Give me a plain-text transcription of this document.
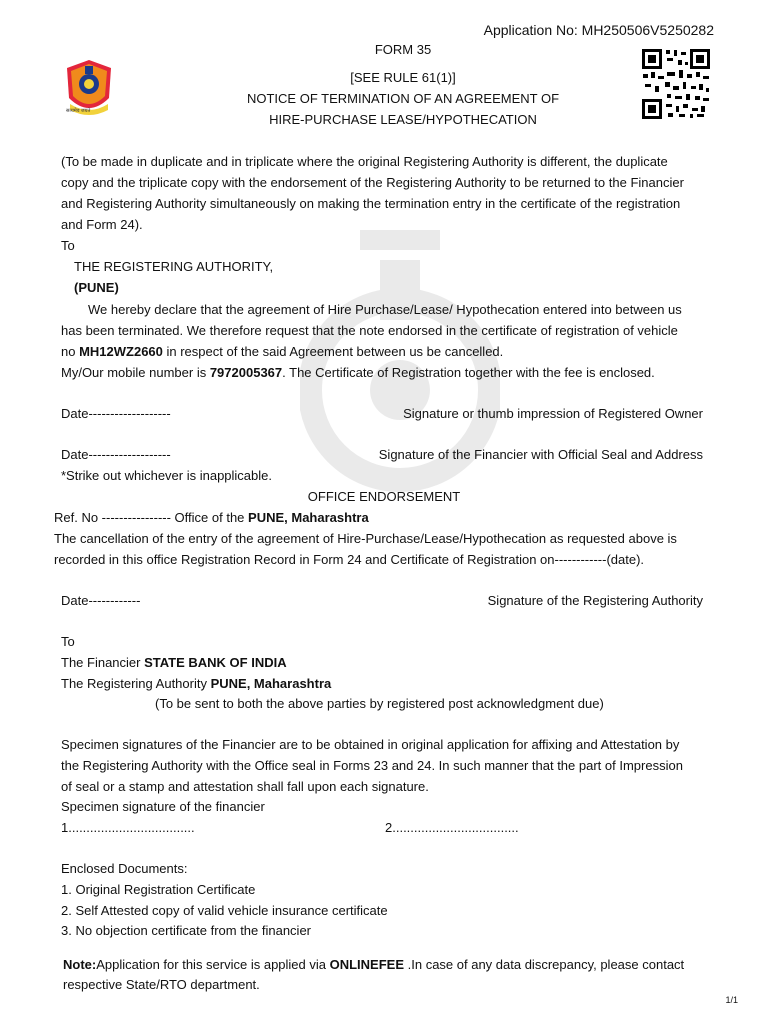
सत्यमेव जयते
Application No: MH250506V5250282
FORM 35
[SEE RULE 61(1)]
NOTICE OF TERMINATION OF AN AGREEMENT OF
HIRE-PURCHASE LEASE/HYPOTHECATION
(To be made in duplicate and in triplicate where the original Registering Authority is different, the duplicate
copy and the triplicate copy with the endorsement of the Registering Authority to be returned to the Financier
and Registering Authority simultaneously on making the termination entry in the certificate of the registration
and Form 24).
To
THE REGISTERING AUTHORITY,
(PUNE)
We hereby declare that the agreement of Hire Purchase/Lease/ Hypothecation entered into between us
has been terminated. We therefore request that the note endorsed in the certificate of registration of vehicle
no MH12WZ2660 in respect of the said Agreement between us be cancelled.
My/Our mobile number is 7972005367. The Certificate of Registration together with the fee is enclosed.
Date-------------------	Signature or thumb impression of Registered Owner
Date-------------------	Signature of the Financier with Official Seal and Address
*Strike out whichever is inapplicable.
OFFICE ENDORSEMENT
Ref. No ---------------- Office of the PUNE, Maharashtra
The cancellation of the entry of the agreement of Hire-Purchase/Lease/Hypothecation as requested above is
recorded in this office Registration Record in Form 24 and Certificate of Registration on------------(date).
Date------------	Signature of the Registering Authority
To
The Financier STATE BANK OF INDIA
The Registering Authority PUNE, Maharashtra
(To be sent to both the above parties by registered post acknowledgment due)
Specimen signatures of the Financier are to be obtained in original application for affixing and Attestation by
the Registering Authority with the Office seal in Forms 23 and 24. In such manner that the part of Impression
of seal or a stamp and attestation shall fall upon each signature.
Specimen signature of the financier
1...................................	2...................................
Enclosed Documents:
1. Original Registration Certificate
2. Self Attested copy of valid vehicle insurance certificate
3. No objection certificate from the financier
Note:Application for this service is applied via ONLINEFEE .In case of any data discrepancy, please contact
respective State/RTO department.
1/1
